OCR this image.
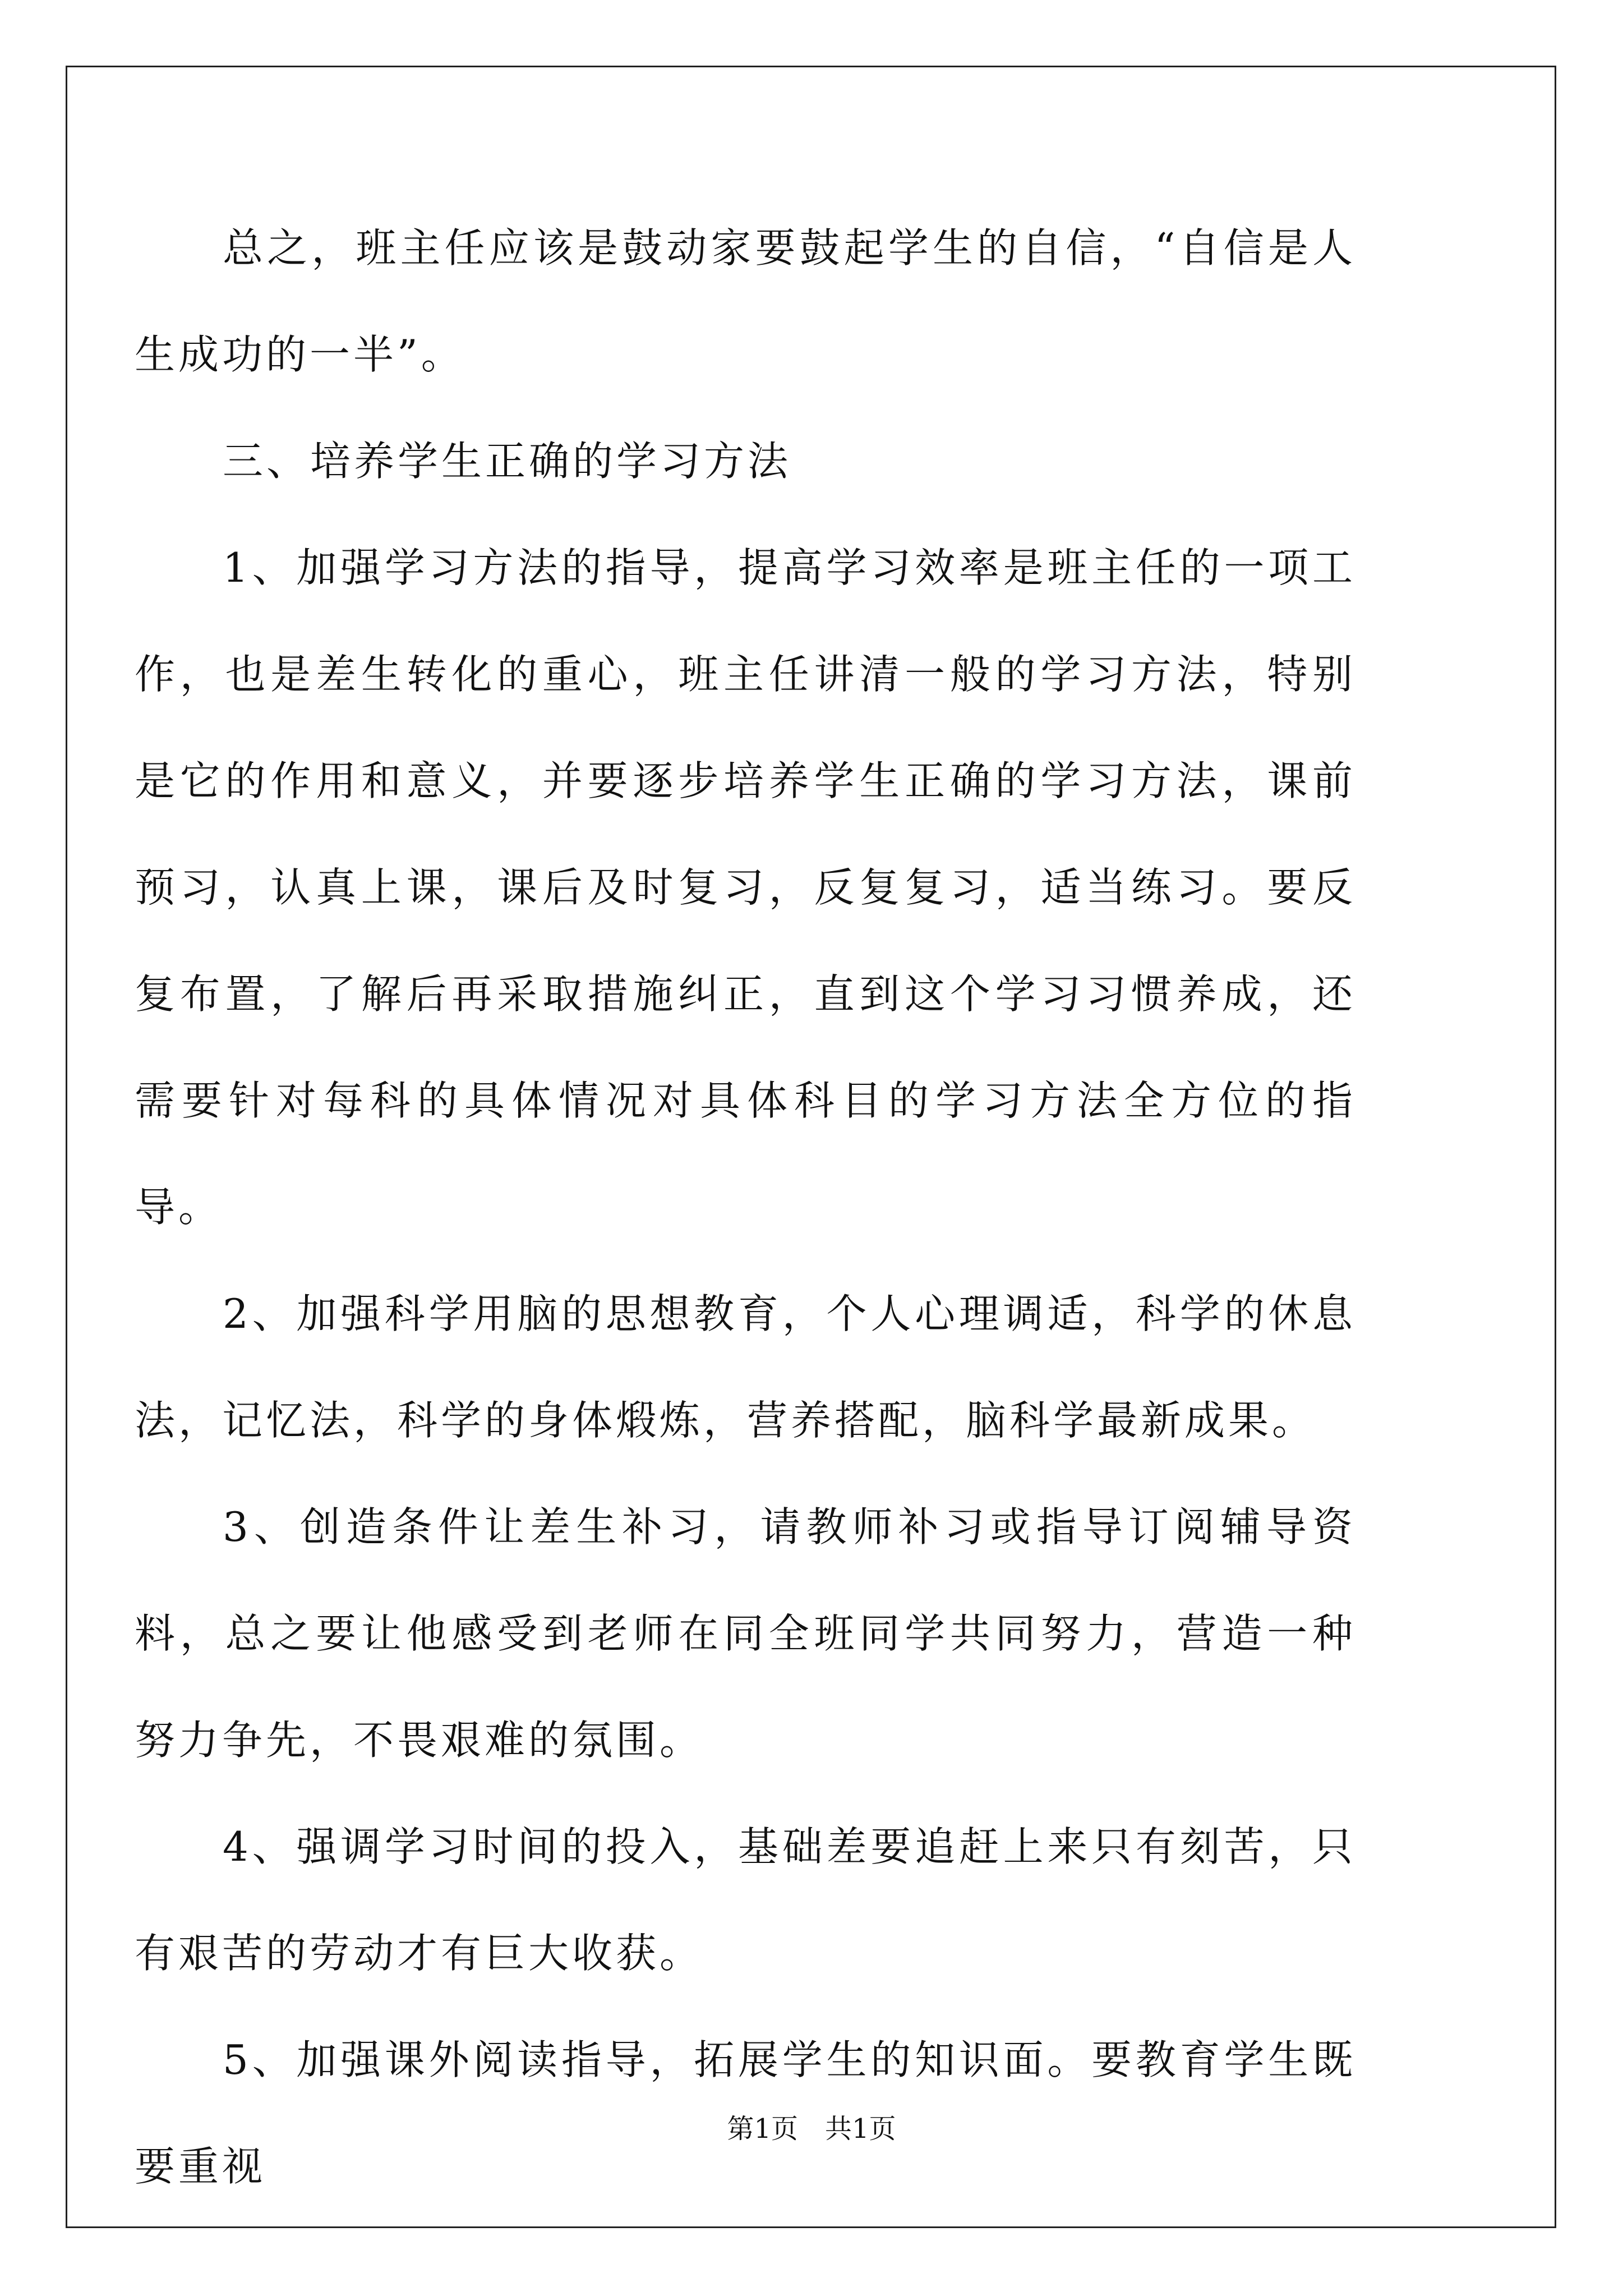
总之，班主任应该是鼓动家要鼓起学生的自信，“自信是人生成功的一半”。

三、培养学生正确的学习方法

1、加强学习方法的指导，提高学习效率是班主任的一项工作，也是差生转化的重心，班主任讲清一般的学习方法，特别是它的作用和意义，并要逐步培养学生正确的学习方法，课前预习，认真上课，课后及时复习，反复复习，适当练习。要反复布置，了解后再采取措施纠正，直到这个学习习惯养成，还需要针对每科的具体情况对具体科目的学习方法全方位的指导。

2、加强科学用脑的思想教育，个人心理调适，科学的休息法，记忆法，科学的身体煅炼，营养搭配，脑科学最新成果。

3、创造条件让差生补习，请教师补习或指导订阅辅导资料，总之要让他感受到老师在同全班同学共同努力，营造一种努力争先，不畏艰难的氛围。

4、强调学习时间的投入，基础差要追赶上来只有刻苦，只有艰苦的劳动才有巨大收获。

5、加强课外阅读指导，拓展学生的知识面。要教育学生既要重视

第1页 共1页
